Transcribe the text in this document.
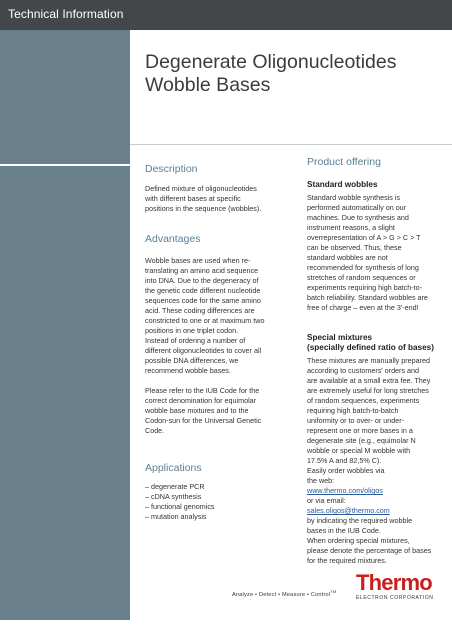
Technical Information
Degenerate Oligonucleotides
Wobble Bases
Description

Defined mixture of oligonucleotides
with different bases at specific
positions in the sequence (wobbles).

Advantages

Wobble bases are used when re-
translating an amino acid sequence
into DNA. Due to the degeneracy of
the genetic code different nucleotide
sequences code for the same amino
acid. These coding differences are
constricted to one or at maximum two
positions in one triplet codon.
Instead of ordering a number of
different oligonucleotides to cover all
possible DNA differences, we
recommend wobble bases.

Please refer to the IUB Code for the
correct denomination for equimolar
wobble base mixtures and to the
Codon-sun for the Universal Genetic
Code.

Applications
– degenerate PCR
– cDNA synthesis
– functional genomics
– mutation analysis
Product offering
Standard wobbles

Standard wobble synthesis is
performed automatically on our
machines. Due to synthesis and
instrument reasons, a slight
overrepresentation of A > G > C > T
can be observed. Thus, these
standard wobbles are not
recommended for synthesis of long
stretches of random sequences or
experiments requiring high batch-to-
batch reliability. Standard wobbles are
free of charge – even at the 3'-end!

Special mixtures
(specially defined ratio of bases)

These mixtures are manually prepared
according to customers' orders and
are available at a small extra fee. They
are extremely useful for long stretches
of random sequences, experiments
requiring high batch-to-batch
uniformity or to over- or under-
represent one or more bases in a
degenerate site (e.g., equimolar N
wobble or special M wobble with
17.5% A and 82,5% C).
Easily order wobbles via
the web:

www.thermo.com/oligos
or via email:
sales.oligos@thermo.com

by indicating the required wobble
bases in the IUB Code.
When ordering special mixtures,
please denote the percentage of bases
for the required mixtures.

Analyze • Detect • Measure • Control™ Thermo
ELECTRON CORPORATION
